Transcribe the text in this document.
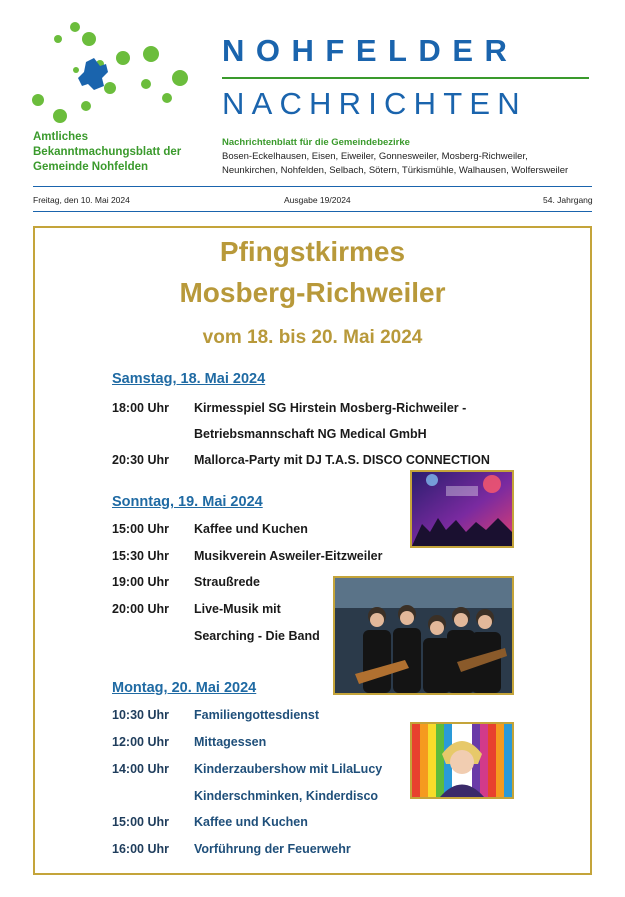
Amtliches
Bekanntmachungsblatt der
Gemeinde Nohfelden
NOHFELDER
NACHRICHTEN
Nachrichtenblatt für die Gemeindebezirke
Bosen-Eckelhausen, Eisen, Eiweiler, Gonnesweiler, Mosberg-Richweiler,
Neunkirchen, Nohfelden, Selbach, Sötern, Türkismühle, Walhausen, Wolfersweiler
Freitag, den 10. Mai 2024	Ausgabe 19/2024	54. Jahrgang
Pfingstkirmes
Mosberg-Richweiler
vom 18. bis 20. Mai 2024
Samstag, 18. Mai 2024
18:00 Uhr Kirmesspiel SG Hirstein Mosberg-Richweiler -
Betriebsmannschaft NG Medical GmbH
20:30 Uhr Mallorca-Party mit DJ T.A.S. DISCO CONNECTION
Sonntag, 19. Mai 2024
15:00 Uhr Kaffee und Kuchen
15:30 Uhr Musikverein Asweiler-Eitzweiler
19:00 Uhr Straußrede
20:00 Uhr Live-Musik mit
Searching - Die Band
Montag, 20. Mai 2024
10:30 Uhr Familiengottesdienst
12:00 Uhr Mittagessen
14:00 Uhr Kinderzaubershow mit LilaLucy
Kinderschminken, Kinderdisco
15:00 Uhr Kaffee und Kuchen
16:00 Uhr Vorführung der Feuerwehr
